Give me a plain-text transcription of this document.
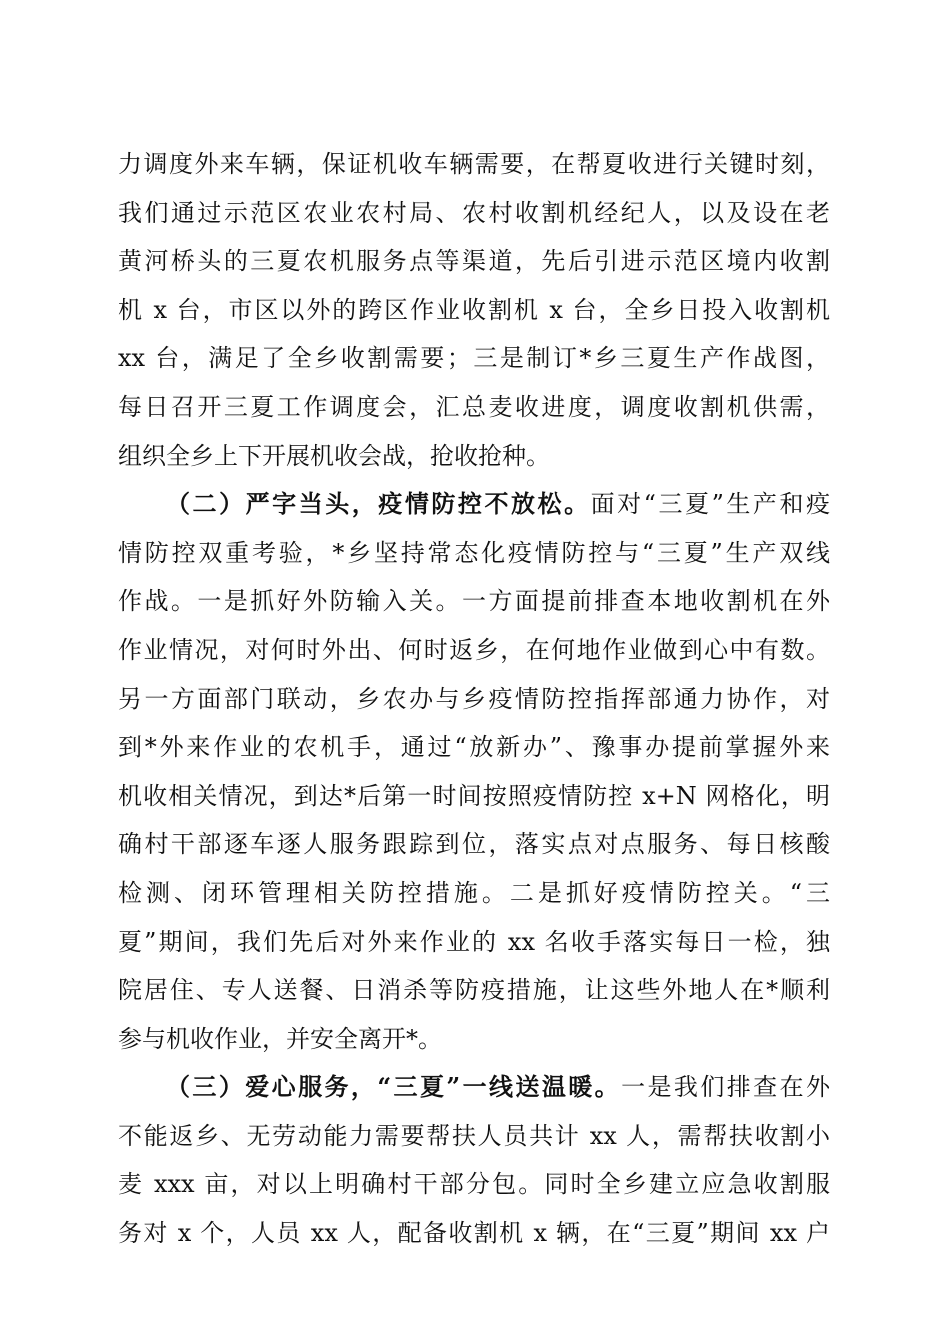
力调度外来车辆，保证机收车辆需要，在帮夏收进行关键时刻，
我们通过示范区农业农村局、农村收割机经纪人，以及设在老
黄河桥头的三夏农机服务点等渠道，先后引进示范区境内收割
机 x 台，市区以外的跨区作业收割机 x 台，全乡日投入收割机
xx 台，满足了全乡收割需要；三是制订*乡三夏生产作战图，
每日召开三夏工作调度会，汇总麦收进度，调度收割机供需，
组织全乡上下开展机收会战，抢收抢种。
（二）严字当头，疫情防控不放松。面对“三夏”生产和疫
情防控双重考验，*乡坚持常态化疫情防控与“三夏”生产双线
作战。一是抓好外防输入关。一方面提前排查本地收割机在外
作业情况，对何时外出、何时返乡，在何地作业做到心中有数。
另一方面部门联动，乡农办与乡疫情防控指挥部通力协作，对
到*外来作业的农机手，通过“放新办”、豫事办提前掌握外来
机收相关情况，到达*后第一时间按照疫情防控 x+N 网格化，明
确村干部逐车逐人服务跟踪到位，落实点对点服务、每日核酸
检测、闭环管理相关防控措施。二是抓好疫情防控关。“三
夏”期间，我们先后对外来作业的 xx 名收手落实每日一检，独
院居住、专人送餐、日消杀等防疫措施，让这些外地人在*顺利
参与机收作业，并安全离开*。
（三）爱心服务，“三夏”一线送温暖。一是我们排查在外
不能返乡、无劳动能力需要帮扶人员共计 xx 人，需帮扶收割小
麦 xxx 亩，对以上明确村干部分包。同时全乡建立应急收割服
务对 x 个，人员 xx 人，配备收割机 x 辆，在“三夏”期间 xx 户
